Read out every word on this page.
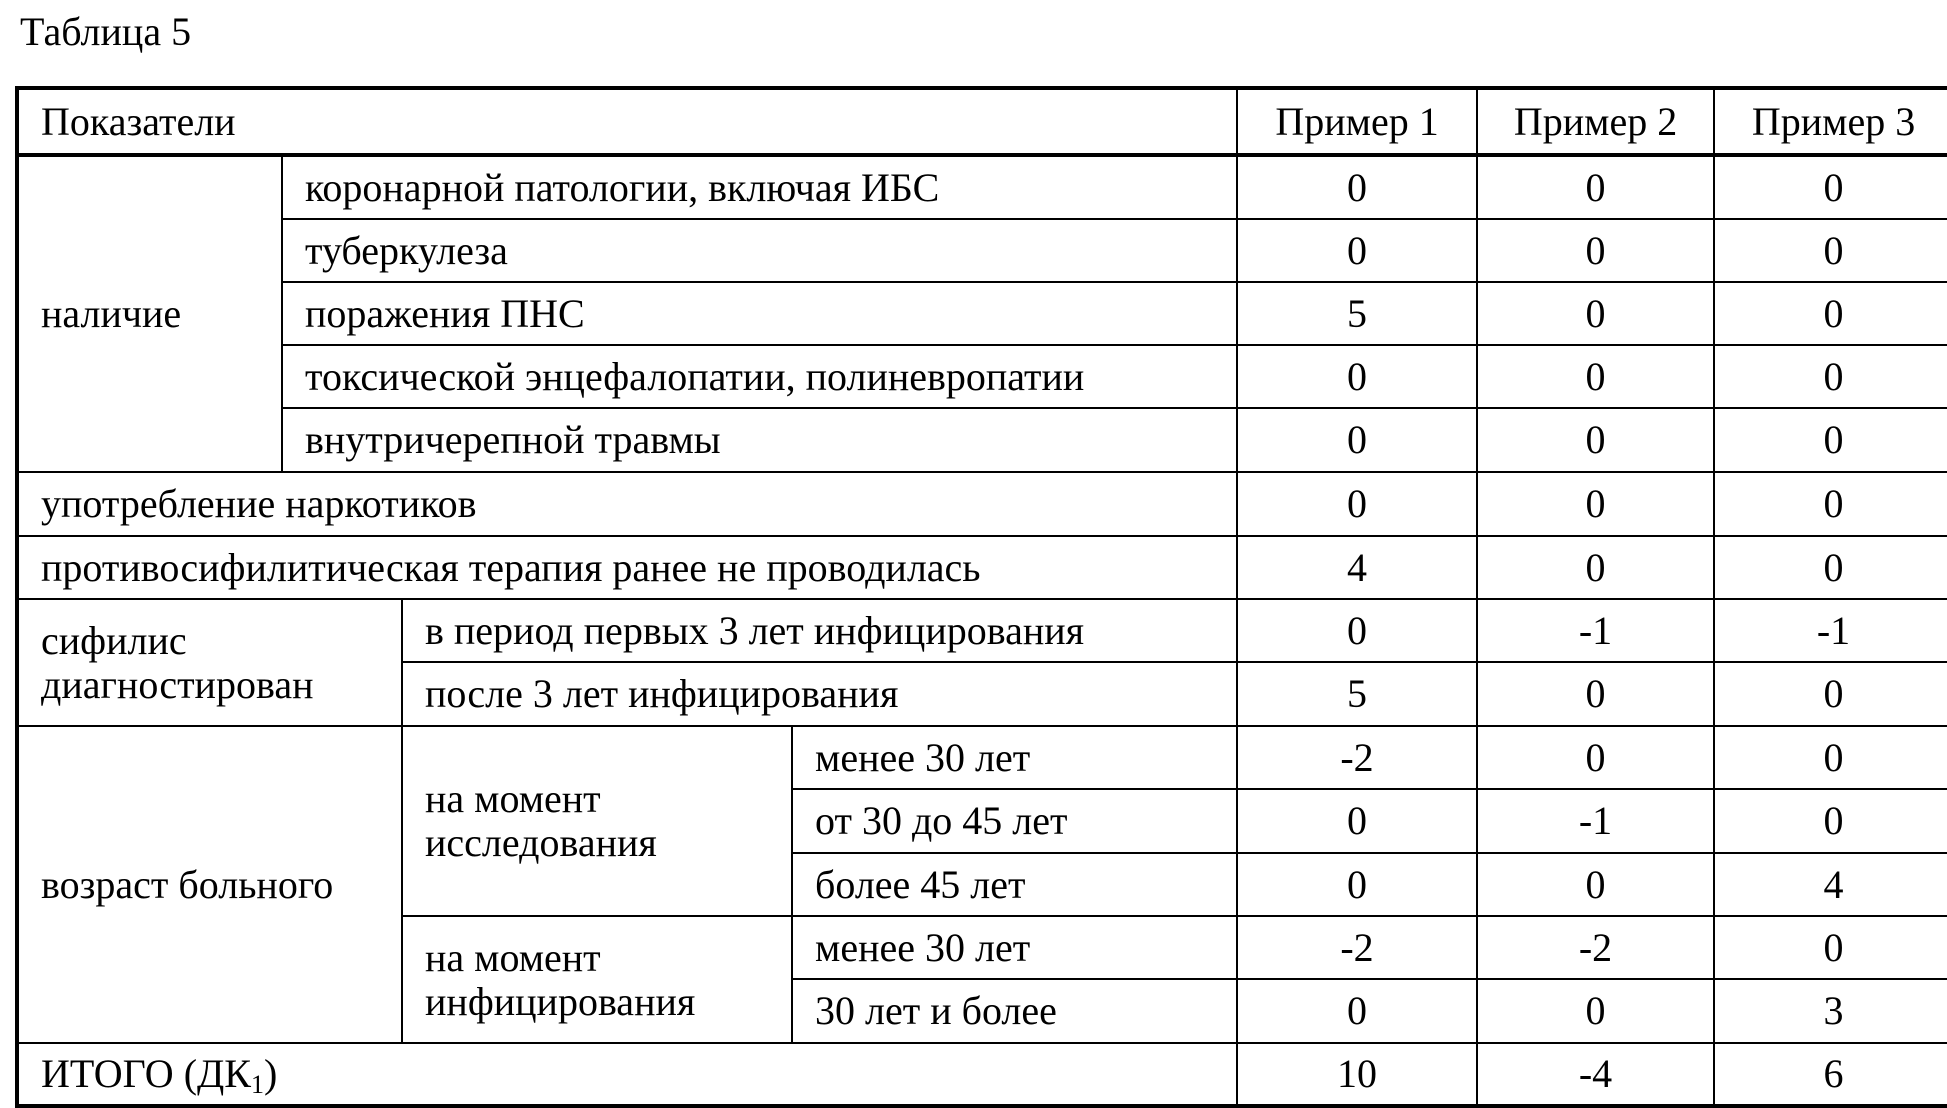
Таблица 5
Показатели				Пример 1	Пример 2	Пример 3
наличие	коронарной патологии, включая ИБС			0	0	0
	туберкулеза			0	0	0
	поражения ПНС			5	0	0
	токсической энцефалопатии, полиневропатии			0	0	0
	внутричерепной травмы			0	0	0
употребление наркотиков				0	0	0
противосифилитическая терапия ранее не проводилась				4	0	0
сифилис диагностирован		в период первых 3 лет инфицирования		0	-1	-1
		после 3 лет инфицирования		5	0	0
возраст больного		на момент исследования	менее 30 лет	-2	0	0
			от 30 до 45 лет	0	-1	0
			более 45 лет	0	0	4
		на момент инфицирования	менее 30 лет	-2	-2	0
			30 лет и более	0	0	3
ИТОГО $(ДК_1)$				10	-4	6
